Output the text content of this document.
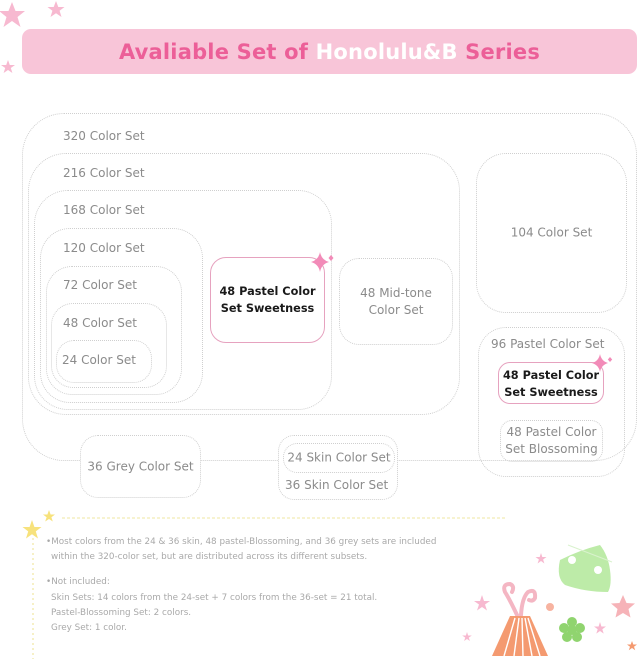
Avaliable Set of Honolulu&B Series
320 Color Set
216 Color Set
168 Color Set
120 Color Set
72 Color Set
48 Color Set
24 Color Set
48 Pastel Color
Set Sweetness
48 Mid-tone
Color Set
104 Color Set
96 Pastel Color Set
48 Pastel Color
Set Sweetness
48 Pastel Color
Set Blossoming
36 Grey Color Set
24 Skin Color Set
36 Skin Color Set
•Most colors from the 24 & 36 skin, 48 pastel-Blossoming, and 36 grey sets are included
within the 320-color set, but are distributed across its different subsets.
•Not included:
Skin Sets: 14 colors from the 24-set + 7 colors from the 36-set = 21 total.
Pastel-Blossoming Set: 2 colors.
Grey Set: 1 color.
